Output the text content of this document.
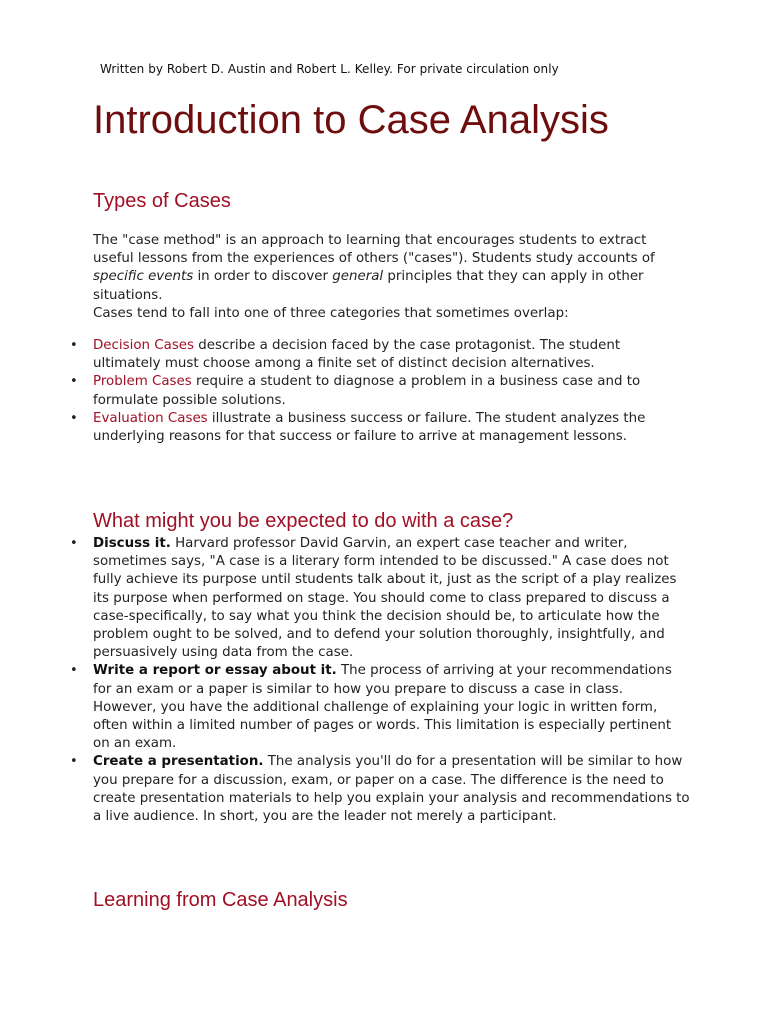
Written by Robert D. Austin and Robert L. Kelley. For private circulation only
Introduction to Case Analysis
Types of Cases

The "case method" is an approach to learning that encourages students to extract useful lessons from the experiences of others ("cases"). Students study accounts of specific events in order to discover general principles that they can apply in other situations.
Cases tend to fall into one of three categories that sometimes overlap:

• Decision Cases describe a decision faced by the case protagonist. The student ultimately must choose among a finite set of distinct decision alternatives.
• Problem Cases require a student to diagnose a problem in a business case and to formulate possible solutions.
• Evaluation Cases illustrate a business success or failure. The student analyzes the underlying reasons for that success or failure to arrive at management lessons.
What might you be expected to do with a case?
• Discuss it. Harvard professor David Garvin, an expert case teacher and writer, sometimes says, "A case is a literary form intended to be discussed." A case does not fully achieve its purpose until students talk about it, just as the script of a play realizes its purpose when performed on stage. You should come to class prepared to discuss a case-specifically, to say what you think the decision should be, to articulate how the problem ought to be solved, and to defend your solution thoroughly, insightfully, and persuasively using data from the case.
• Write a report or essay about it. The process of arriving at your recommendations for an exam or a paper is similar to how you prepare to discuss a case in class. However, you have the additional challenge of explaining your logic in written form, often within a limited number of pages or words. This limitation is especially pertinent on an exam.
• Create a presentation. The analysis you'll do for a presentation will be similar to how you prepare for a discussion, exam, or paper on a case. The difference is the need to create presentation materials to help you explain your analysis and recommendations to a live audience. In short, you are the leader not merely a participant.
Learning from Case Analysis
